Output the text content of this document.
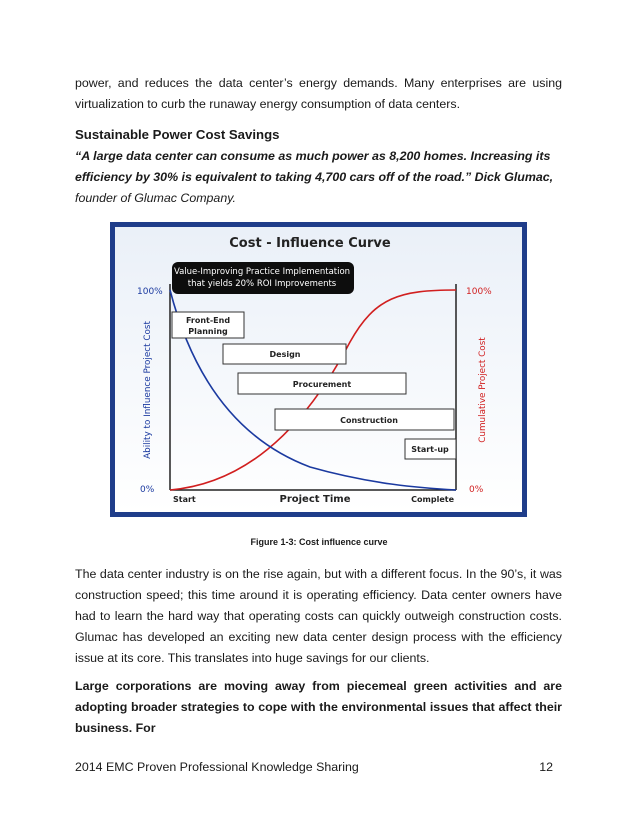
power, and reduces the data center’s energy demands. Many enterprises are using virtualization to curb the runaway energy consumption of data centers.

Sustainable Power Cost Savings

“A large data center can consume as much power as 8,200 homes. Increasing its efficiency by 30% is equivalent to taking 4,700 cars off of the road.” Dick Glumac, founder of Glumac Company.

Cost - Influence Curve
Value-Improving Practice Implementation
that yields 20% ROI Improvements
Front-End
Planning
Design
Procurement
Construction
Start-up
100%
0%
100%
0%
Ability to Influence Project Cost	Cumulative Project Cost
Start	Project Time	Complete

Figure 1-3: Cost influence curve

The data center industry is on the rise again, but with a different focus. In the 90’s, it was construction speed; this time around it is operating efficiency. Data center owners have had to learn the hard way that operating costs can quickly outweigh construction costs. Glumac has developed an exciting new data center design process with the efficiency issue at its core. This translates into huge savings for our clients.

Large corporations are moving away from piecemeal green activities and are adopting broader strategies to cope with the environmental issues that affect their business. For

2014 EMC Proven Professional Knowledge Sharing	12
